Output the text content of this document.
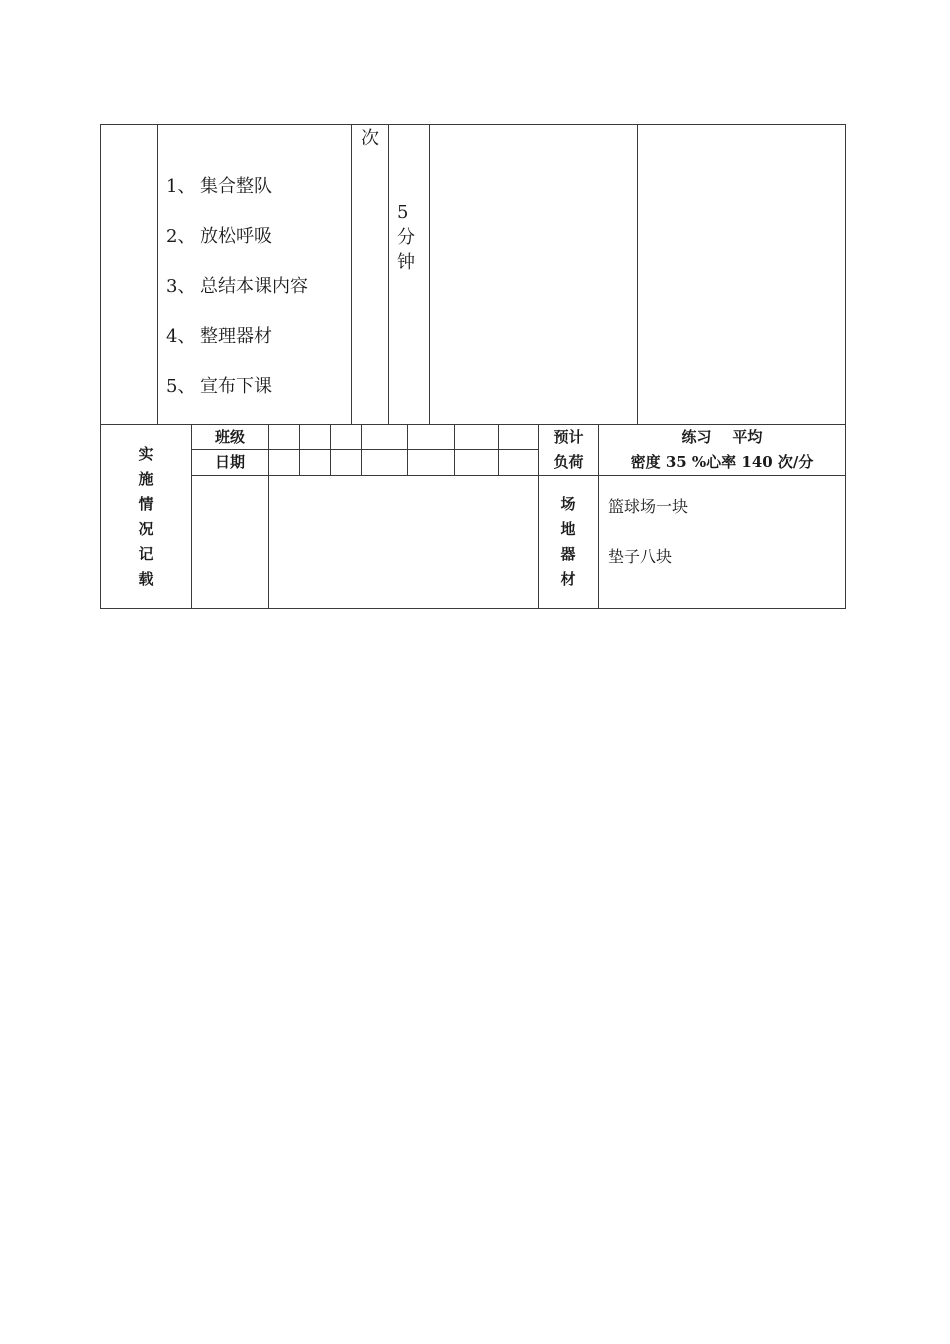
次
1、 集合整队
2、 放松呼吸
3、 总结本课内容
4、 整理器材
5、 宣布下课
5
分
钟
实施情况记载
班级
日期
预计
负荷
练习    平均
密度 35 %心率 140 次/分
场地器材
篮球场一块
垫子八块
